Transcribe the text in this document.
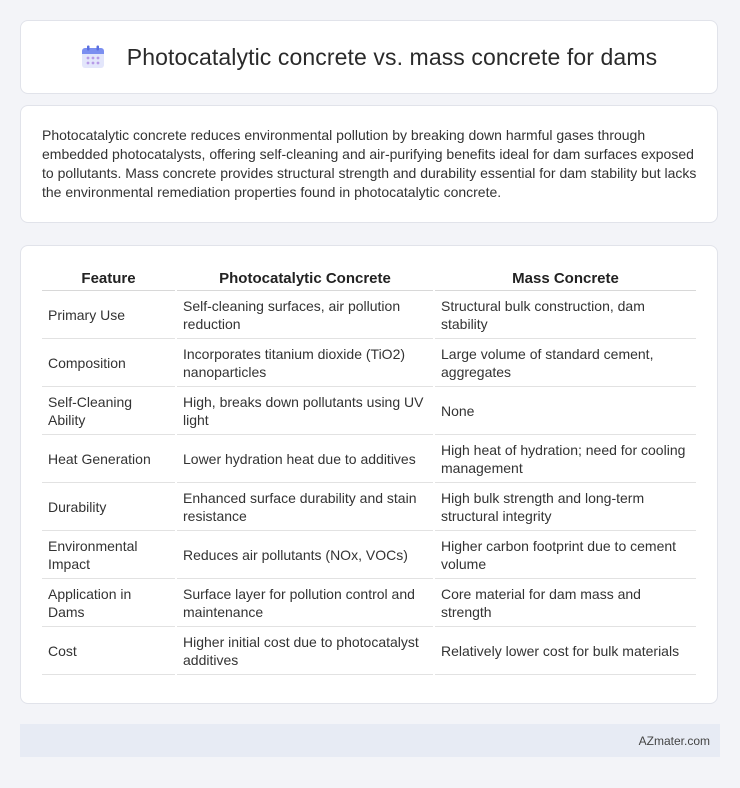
Photocatalytic concrete vs. mass concrete for dams

Photocatalytic concrete reduces environmental pollution by breaking down harmful gases through embedded photocatalysts, offering self-cleaning and air-purifying benefits ideal for dam surfaces exposed to pollutants. Mass concrete provides structural strength and durability essential for dam stability but lacks the environmental remediation properties found in photocatalytic concrete.

Feature	Photocatalytic Concrete	Mass Concrete
Primary Use	Self-cleaning surfaces, air pollution reduction	Structural bulk construction, dam stability
Composition	Incorporates titanium dioxide (TiO2) nanoparticles	Large volume of standard cement, aggregates
Self-Cleaning Ability	High, breaks down pollutants using UV light	None
Heat Generation	Lower hydration heat due to additives	High heat of hydration; need for cooling management
Durability	Enhanced surface durability and stain resistance	High bulk strength and long-term structural integrity
Environmental Impact	Reduces air pollutants (NOx, VOCs)	Higher carbon footprint due to cement volume
Application in Dams	Surface layer for pollution control and maintenance	Core material for dam mass and strength
Cost	Higher initial cost due to photocatalyst additives	Relatively lower cost for bulk materials
AZmater.com
